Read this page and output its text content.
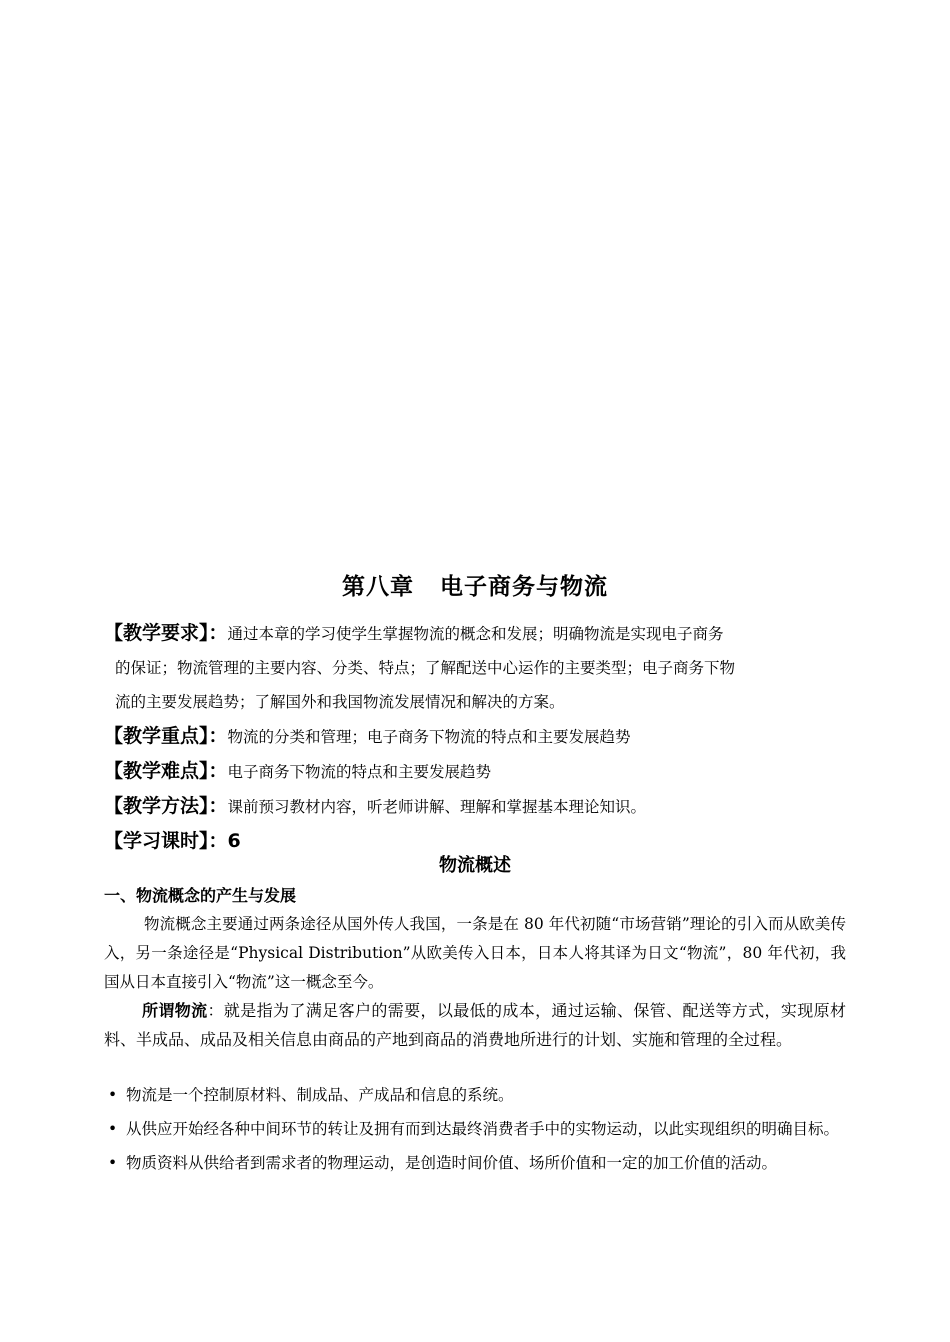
第八章 电子商务与物流
【教学要求】：通过本章的学习使学生掌握物流的概念和发展；明确物流是实现电子商务
的保证；物流管理的主要内容、分类、特点；了解配送中心运作的主要类型；电子商务下物
流的主要发展趋势；了解国外和我国物流发展情况和解决的方案。
【教学重点】：物流的分类和管理；电子商务下物流的特点和主要发展趋势
【教学难点】：电子商务下物流的特点和主要发展趋势
【教学方法】：课前预习教材内容，听老师讲解、理解和掌握基本理论知识。
【学习课时】：6
物流概述
一、物流概念的产生与发展

物流概念主要通过两条途径从国外传人我国，一条是在 80 年代初随“市场营销”理论的引入而从欧美传入，另一条途径是“Physical Distribution”从欧美传入日本，日本人将其译为日文“物流”，80 年代初，我国从日本直接引入“物流”这一概念至今。

所谓物流：就是指为了满足客户的需要，以最低的成本，通过运输、保管、配送等方式，实现原材料、半成品、成品及相关信息由商品的产地到商品的消费地所进行的计划、实施和管理的全过程。

• 物流是一个控制原材料、制成品、产成品和信息的系统。

• 从供应开始经各种中间环节的转让及拥有而到达最终消费者手中的实物运动，以此实现组织的明确目标。

• 物质资料从供给者到需求者的物理运动，是创造时间价值、场所价值和一定的加工价值的活动。
